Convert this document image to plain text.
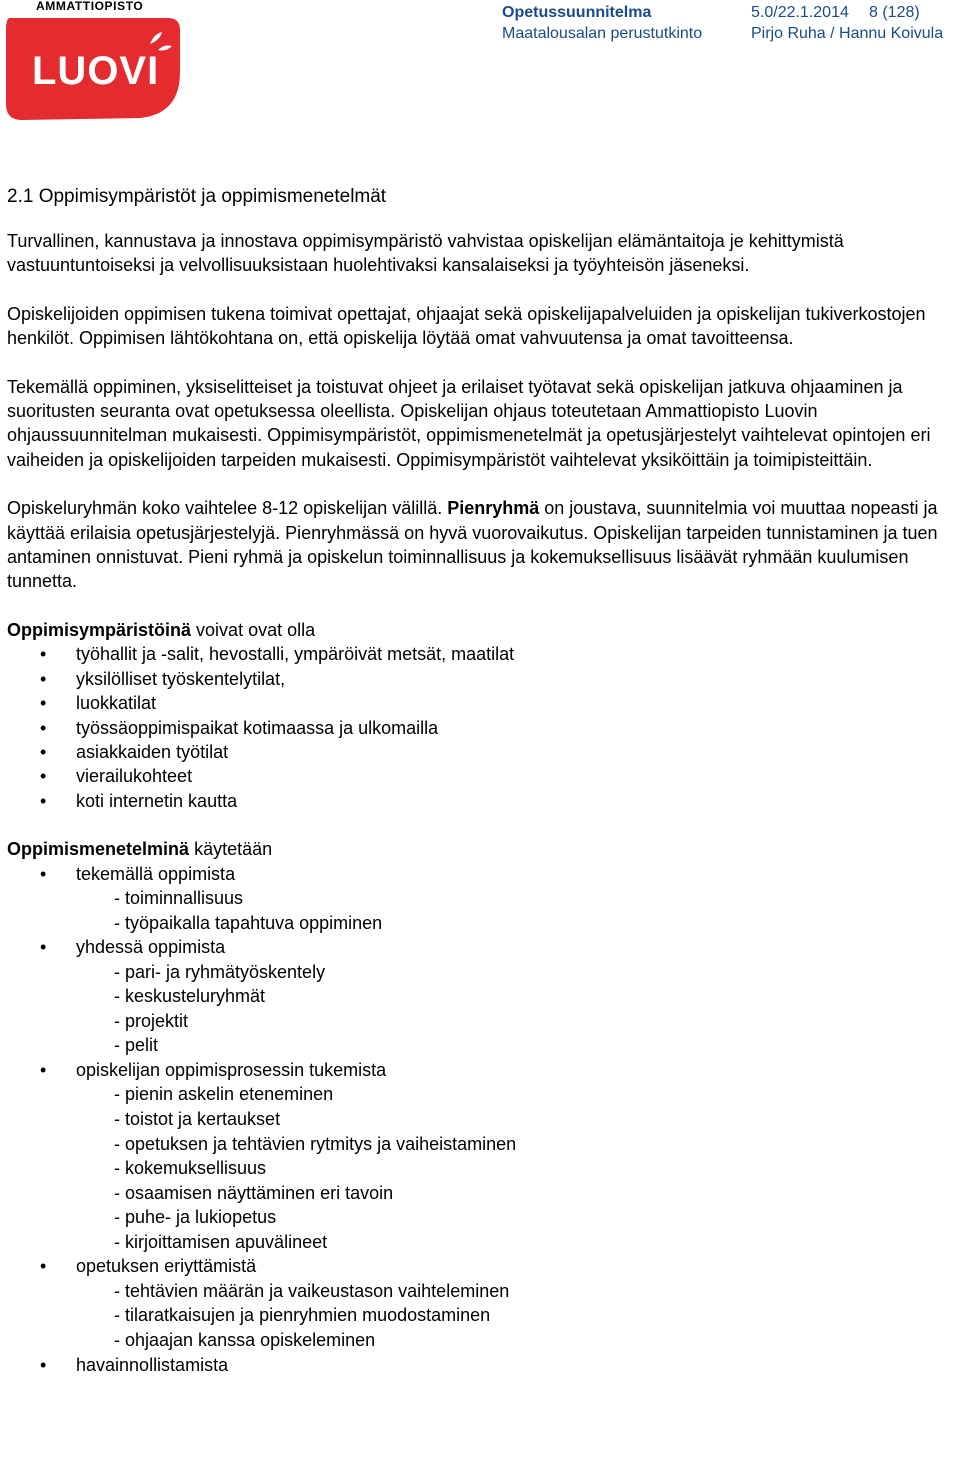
AMMATTIOPISTO
LUOVI
Opetussuunnitelma
Maatalousalan perustutkinto
5.0/22.1.2014 8 (128)
Pirjo Ruha / Hannu Koivula
2.1 Oppimisympäristöt ja oppimismenetelmät

Turvallinen, kannustava ja innostava oppimisympäristö vahvistaa opiskelijan elämäntaitoja je kehittymistä vastuuntuntoiseksi ja velvollisuuksistaan huolehtivaksi kansalaiseksi ja työyhteisön jäseneksi.

Opiskelijoiden oppimisen tukena toimivat opettajat, ohjaajat sekä opiskelijapalveluiden ja opiskelijan tukiverkostojen henkilöt. Oppimisen lähtökohtana on, että opiskelija löytää omat vahvuutensa ja omat tavoitteensa.

Tekemällä oppiminen, yksiselitteiset ja toistuvat ohjeet ja erilaiset työtavat sekä opiskelijan jatkuva ohjaaminen ja suoritusten seuranta ovat opetuksessa oleellista. Opiskelijan ohjaus toteutetaan Ammattiopisto Luovin ohjaussuunnitelman mukaisesti. Oppimisympäristöt, oppimismenetelmät ja opetusjärjestelyt vaihtelevat opintojen eri vaiheiden ja opiskelijoiden tarpeiden mukaisesti. Oppimisympäristöt vaihtelevat yksiköittäin ja toimipisteittäin.

Opiskeluryhmän koko vaihtelee 8-12 opiskelijan välillä. Pienryhmä on joustava, suunnitelmia voi muuttaa nopeasti ja käyttää erilaisia opetusjärjestelyjä. Pienryhmässä on hyvä vuorovaikutus. Opiskelijan tarpeiden tunnistaminen ja tuen antaminen onnistuvat. Pieni ryhmä ja opiskelun toiminnallisuus ja kokemuksellisuus lisäävät ryhmään kuulumisen tunnetta.

Oppimisympäristöinä voivat ovat olla

• työhallit ja -salit, hevostalli, ympäröivät metsät, maatilat
• yksilölliset työskentelytilat,
• luokkatilat
• työssäoppimispaikat kotimaassa ja ulkomailla
• asiakkaiden työtilat
• vierailukohteet
• koti internetin kautta

Oppimismenetelminä käytetään

• tekemällä oppimista
- toiminnallisuus
- työpaikalla tapahtuva oppiminen
• yhdessä oppimista
- pari- ja ryhmätyöskentely
- keskusteluryhmät
- projektit
- pelit
• opiskelijan oppimisprosessin tukemista
- pienin askelin eteneminen
- toistot ja kertaukset
- opetuksen ja tehtävien rytmitys ja vaiheistaminen
- kokemuksellisuus
- osaamisen näyttäminen eri tavoin
- puhe- ja lukiopetus
- kirjoittamisen apuvälineet
• opetuksen eriyttämistä
- tehtävien määrän ja vaikeustason vaihteleminen
- tilaratkaisujen ja pienryhmien muodostaminen
- ohjaajan kanssa opiskeleminen
• havainnollistamista
